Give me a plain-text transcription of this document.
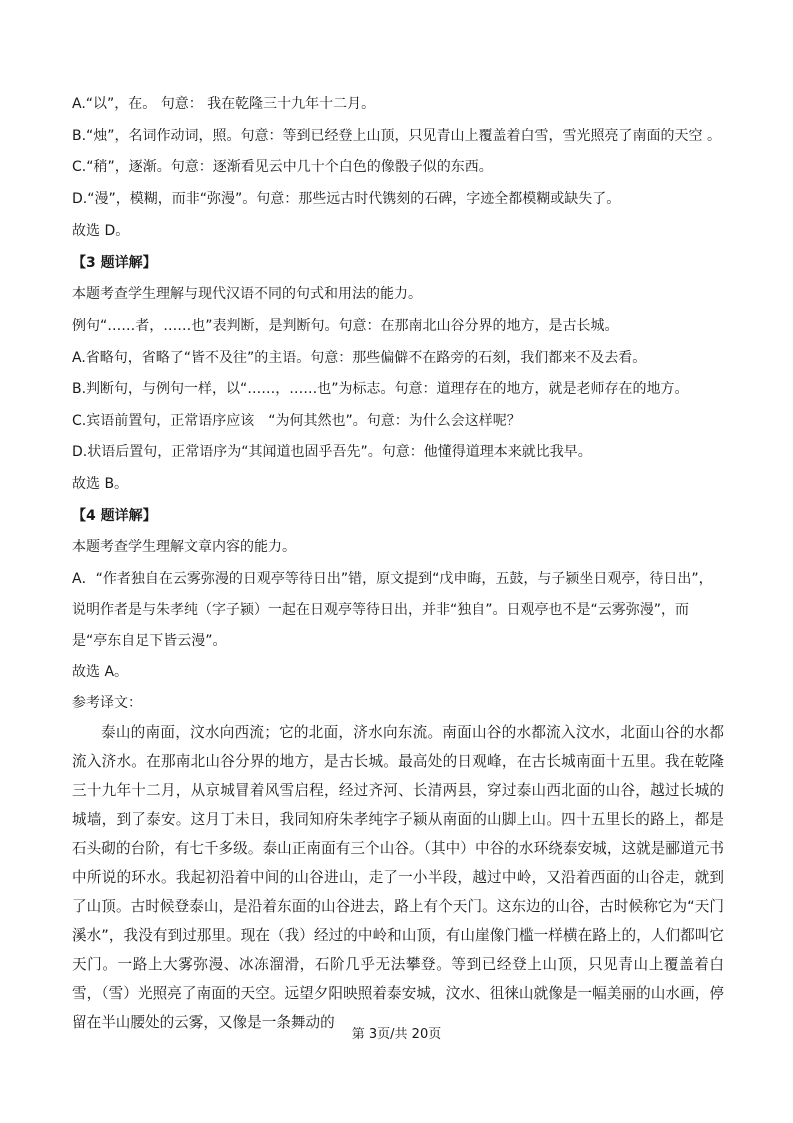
A.“以”，在。 句意： 我在乾隆三十九年十二月。
B.“烛”，名词作动词，照。句意：等到已经登上山顶，只见青山上覆盖着白雪，雪光照亮了南面的天空 。
C.“稍”，逐渐。句意：逐渐看见云中几十个白色的像骰子似的东西。
D.“漫”，模糊，而非“弥漫”。句意：那些远古时代镌刻的石碑，字迹全都模糊或缺失了。
故选 D。
【3 题详解】
本题考查学生理解与现代汉语不同的句式和用法的能力。
例句“……者，……也”表判断，是判断句。句意：在那南北山谷分界的地方，是古长城。
A.省略句，省略了“皆不及往”的主语。句意：那些偏僻不在路旁的石刻，我们都来不及去看。
B.判断句，与例句一样，以“……，……也”为标志。句意：道理存在的地方，就是老师存在的地方。
C.宾语前置句，正常语序应该　“为何其然也”。句意：为什么会这样呢？
D.状语后置句，正常语序为“其闻道也固乎吾先”。句意：他懂得道理本来就比我早。
故选 B。
【4 题详解】
本题考查学生理解文章内容的能力。
A．“作者独自在云雾弥漫的日观亭等待日出”错，原文提到“戊申晦，五鼓，与子颍坐日观亭，待日出”，
说明作者是与朱孝纯（字子颍）一起在日观亭等待日出，并非“独自”。日观亭也不是“云雾弥漫”，而
是“亭东自足下皆云漫”。
故选 A。
参考译文：
泰山的南面，汶水向西流；它的北面，济水向东流。南面山谷的水都流入汶水，北面山谷的水都流入济水。在那南北山谷分界的地方，是古长城。最高处的日观峰，在古长城南面十五里。我在乾隆三十九年十二月，从京城冒着风雪启程，经过齐河、长清两县，穿过泰山西北面的山谷，越过长城的城墙，到了泰安。这月丁未日，我同知府朱孝纯字子颍从南面的山脚上山。四十五里长的路上，都是石头砌的台阶，有七千多级。泰山正南面有三个山谷。（其中）中谷的水环绕泰安城，这就是郦道元书中所说的环水。我起初沿着中间的山谷进山，走了一小半段，越过中岭，又沿着西面的山谷走，就到了山顶。古时候登泰山，是沿着东面的山谷进去，路上有个天门。这东边的山谷，古时候称它为“天门溪水”，我没有到过那里。现在（我）经过的中岭和山顶，有山崖像门槛一样横在路上的，人们都叫它天门。一路上大雾弥漫、冰冻溜滑，石阶几乎无法攀登。等到已经登上山顶，只见青山上覆盖着白雪，（雪）光照亮了南面的天空。远望夕阳映照着泰安城，汶水、徂徕山就像是一幅美丽的山水画，停留在半山腰处的云雾，又像是一条舞动的
第 3页/共 20页
